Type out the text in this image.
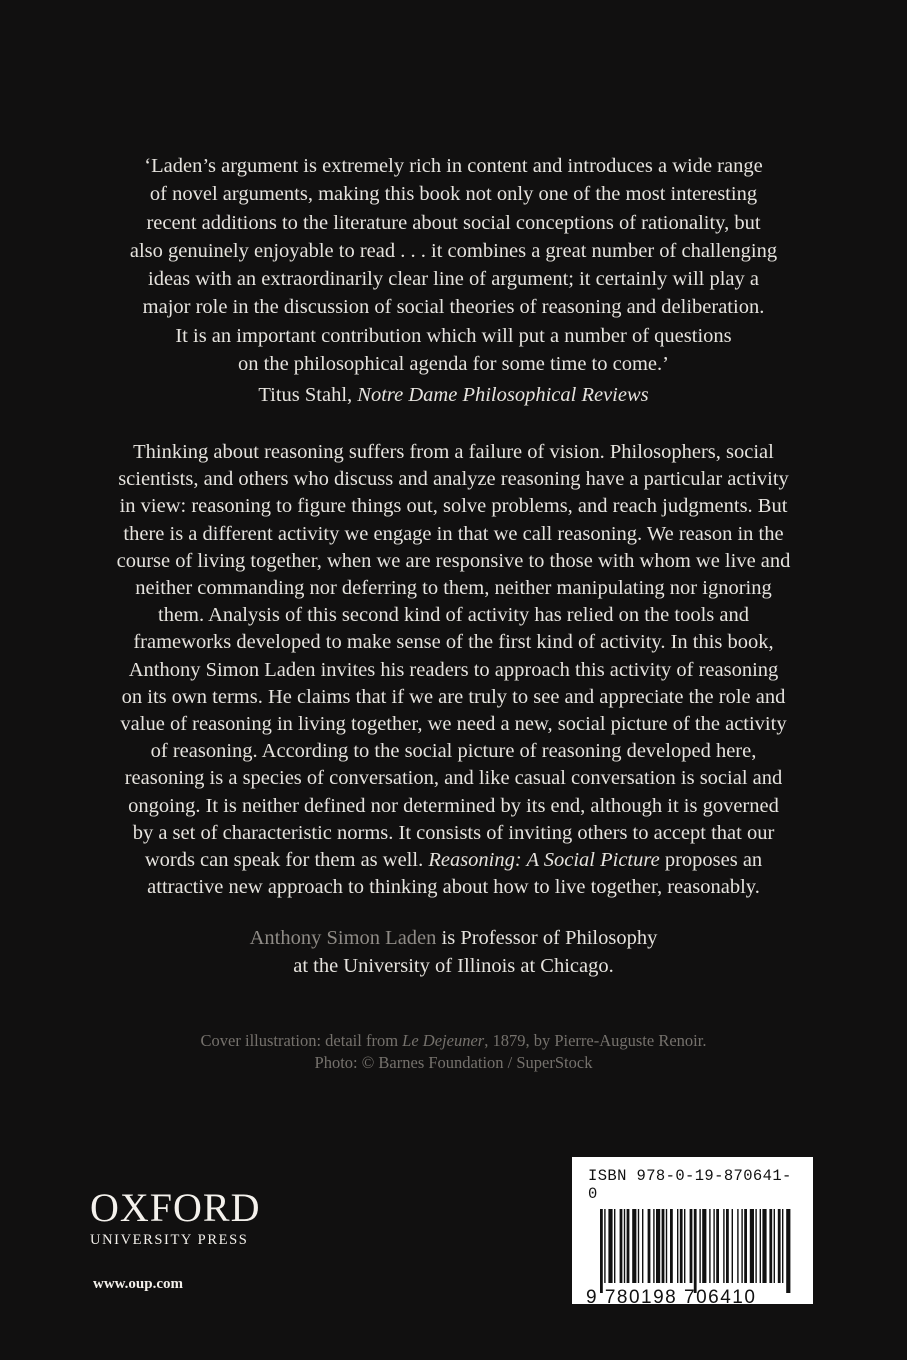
‘Laden’s argument is extremely rich in content and introduces a wide range
of novel arguments, making this book not only one of the most interesting
recent additions to the literature about social conceptions of rationality, but
also genuinely enjoyable to read . . . it combines a great number of challenging
ideas with an extraordinarily clear line of argument; it certainly will play a
major role in the discussion of social theories of reasoning and deliberation.
It is an important contribution which will put a number of questions
on the philosophical agenda for some time to come.’
Titus Stahl, Notre Dame Philosophical Reviews
Thinking about reasoning suffers from a failure of vision. Philosophers, social
scientists, and others who discuss and analyze reasoning have a particular activity
in view: reasoning to figure things out, solve problems, and reach judgments. But
there is a different activity we engage in that we call reasoning. We reason in the
course of living together, when we are responsive to those with whom we live and
neither commanding nor deferring to them, neither manipulating nor ignoring
them. Analysis of this second kind of activity has relied on the tools and
frameworks developed to make sense of the first kind of activity. In this book,
Anthony Simon Laden invites his readers to approach this activity of reasoning
on its own terms. He claims that if we are truly to see and appreciate the role and
value of reasoning in living together, we need a new, social picture of the activity
of reasoning. According to the social picture of reasoning developed here,
reasoning is a species of conversation, and like casual conversation is social and
ongoing. It is neither defined nor determined by its end, although it is governed
by a set of characteristic norms. It consists of inviting others to accept that our
words can speak for them as well. Reasoning: A Social Picture proposes an
attractive new approach to thinking about how to live together, reasonably.
Anthony Simon Laden is Professor of Philosophy
at the University of Illinois at Chicago.
Cover illustration: detail from Le Dejeuner, 1879, by Pierre-Auguste Renoir.
Photo: © Barnes Foundation / SuperStock
OXFORD
UNIVERSITY PRESS
www.oup.com
ISBN 978-0-19-870641-0
9 780198 706410
